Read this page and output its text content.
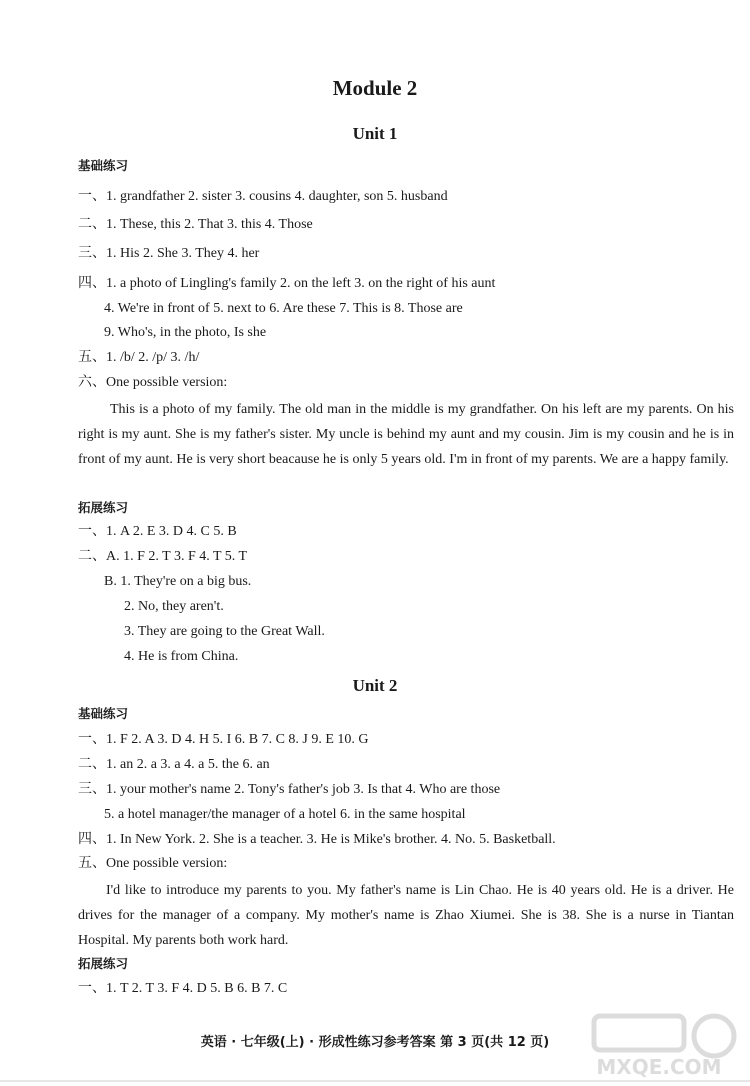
Module 2
Unit 1
基础练习
一、1. grandfather 2. sister 3. cousins 4. daughter, son 5. husband
二、1. These, this 2. That 3. this 4. Those
三、1. His 2. She 3. They 4. her
四、1. a photo of Lingling's family 2. on the left 3. on the right of his aunt
4. We're in front of 5. next to 6. Are these 7. This is 8. Those are
9. Who's, in the photo, Is she
五、1. /b/ 2. /p/ 3. /h/
六、One possible version:
This is a photo of my family. The old man in the middle is my grandfather. On his left are my parents. On his right is my aunt. She is my father's sister. My uncle is behind my aunt and my cousin. Jim is my cousin and he is in front of my aunt. He is very short beacause he is only 5 years old. I'm in front of my parents. We are a happy family.
拓展练习
一、1. A 2. E 3. D 4. C 5. B
二、A. 1. F 2. T 3. F 4. T 5. T
B. 1. They're on a big bus.
2. No, they aren't.
3. They are going to the Great Wall.
4. He is from China.
Unit 2
基础练习
一、1. F 2. A 3. D 4. H 5. I 6. B 7. C 8. J 9. E 10. G
二、1. an 2. a 3. a 4. a 5. the 6. an
三、1. your mother's name 2. Tony's father's job 3. Is that 4. Who are those
5. a hotel manager/the manager of a hotel 6. in the same hospital
四、1. In New York. 2. She is a teacher. 3. He is Mike's brother. 4. No. 5. Basketball.
五、One possible version:
I'd like to introduce my parents to you. My father's name is Lin Chao. He is 40 years old. He is a driver. He drives for the manager of a company. My mother's name is Zhao Xiumei. She is 38. She is a nurse in Tiantan Hospital. My parents both work hard.
拓展练习
一、1. T 2. T 3. F 4. D 5. B 6. B 7. C
英语 · 七年级(上) · 形成性练习参考答案 第 3 页(共 12 页)
MXQE.COM
